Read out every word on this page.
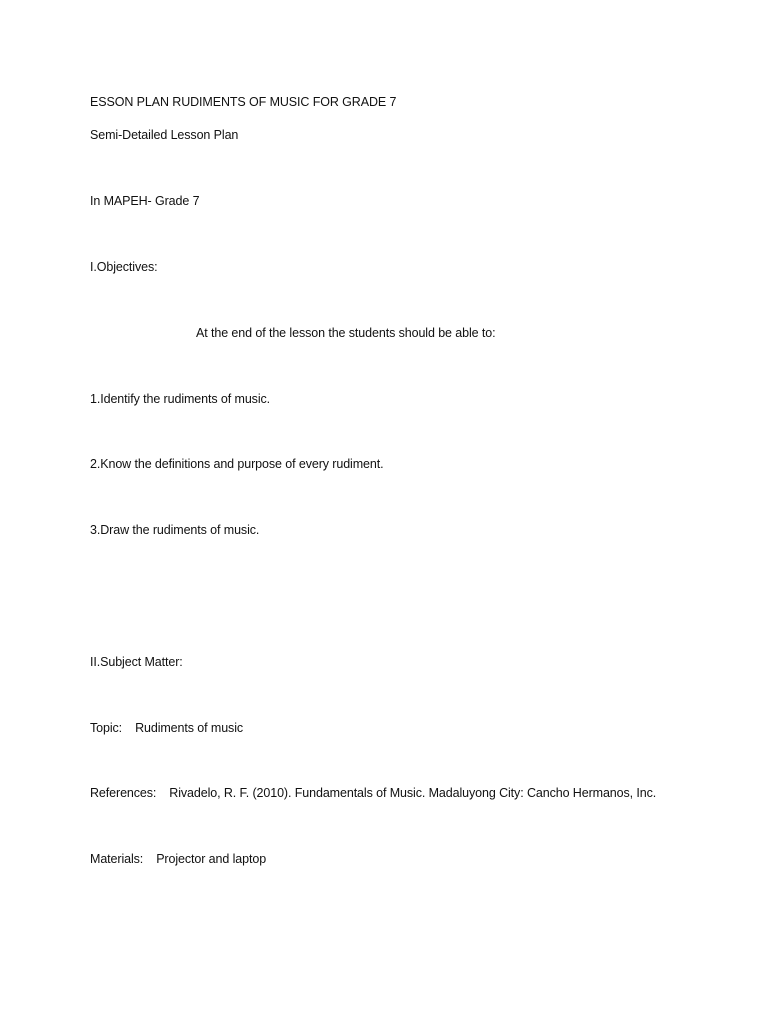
ESSON PLAN RUDIMENTS OF MUSIC FOR GRADE 7

Semi-Detailed Lesson Plan

In MAPEH- Grade 7

I.Objectives:

At the end of the lesson the students should be able to:

1.Identify the rudiments of music.

2.Know the definitions and purpose of every rudiment.

3.Draw the rudiments of music.

II.Subject Matter:

Topic: Rudiments of music

References: Rivadelo, R. F. (2010). Fundamentals of Music. Madaluyong City: Cancho Hermanos, Inc.

Materials: Projector and laptop
